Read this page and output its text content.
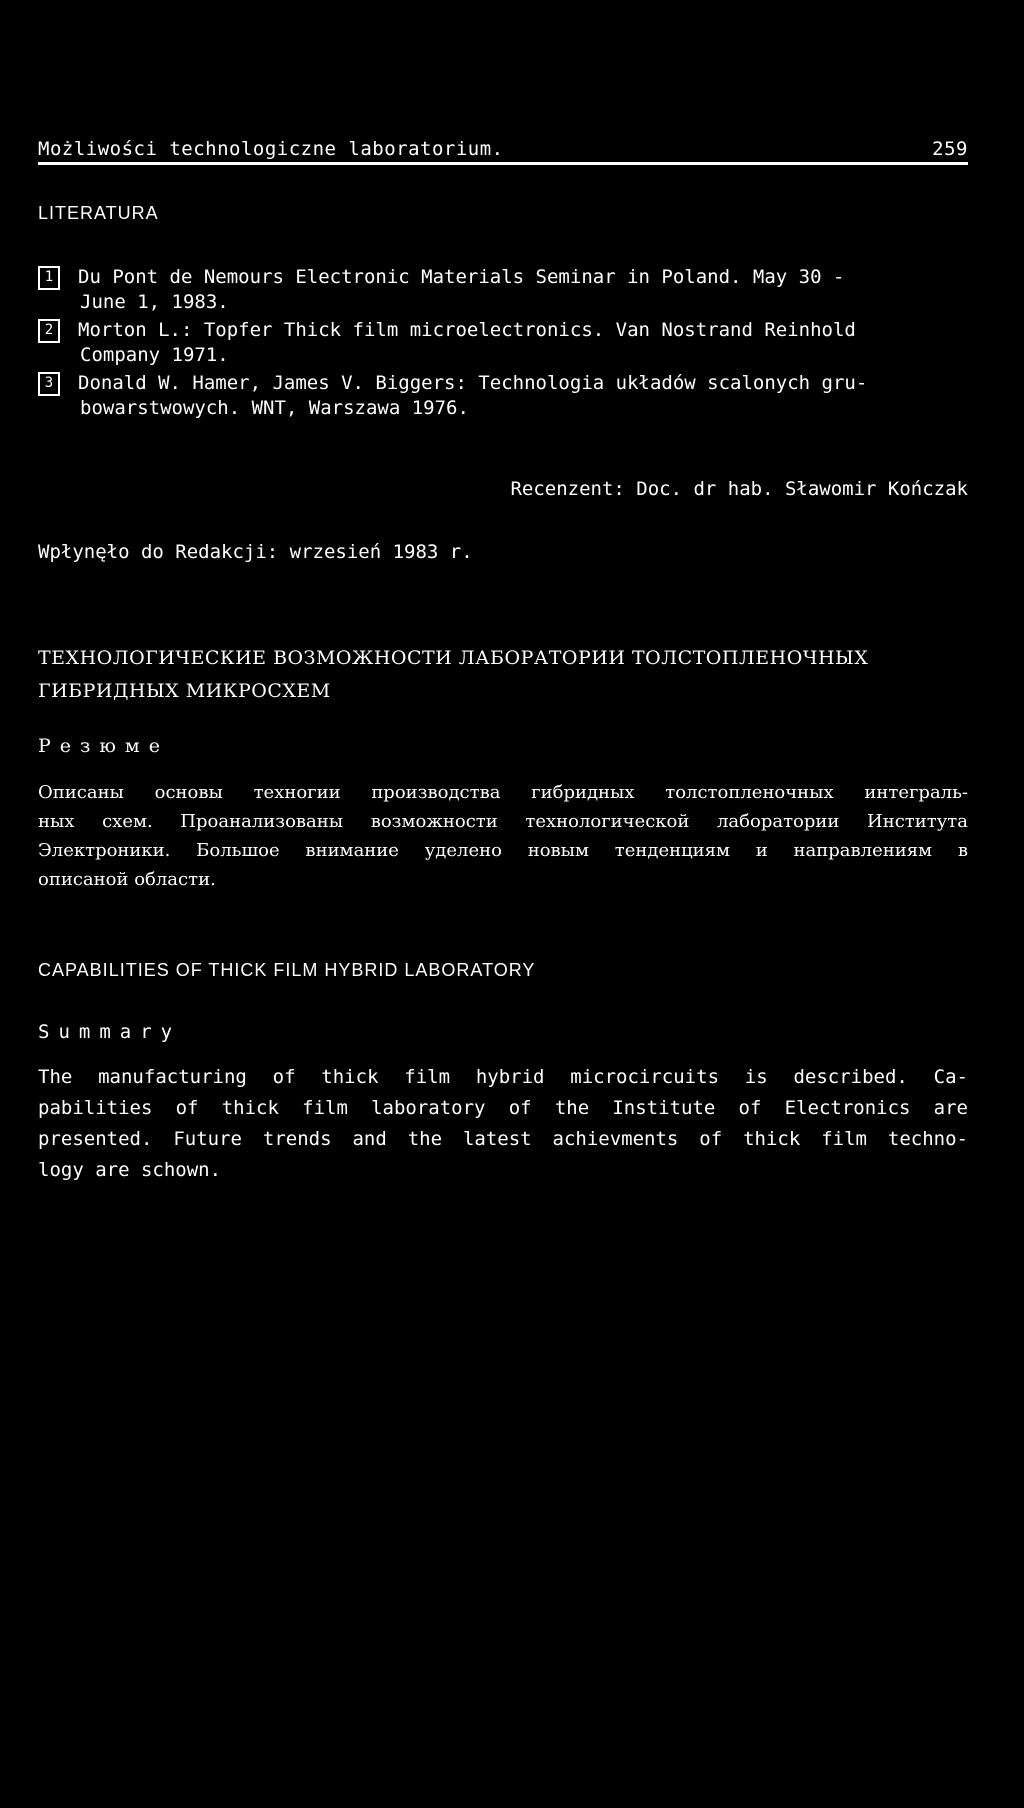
Możliwości technologiczne laboratorium.	259
LITERATURA
1 Du Pont de Nemours Electronic Materials Seminar in Poland. May 30 -
June 1, 1983.
2 Morton L.: Topfer Thick film microelectronics. Van Nostrand Reinhold
Company 1971.
3 Donald W. Hamer, James V. Biggers: Technologia układów scalonych gru-
bowarstwowych. WNT, Warszawa 1976.
Recenzent: Doc. dr hab. Sławomir Kończak
Wpłynęło do Redakcji: wrzesień 1983 r.
ТЕХНОЛОГИЧЕСКИЕ ВОЗМОЖНОСТИ ЛАБОРАТОРИИ ТОЛСТОПЛЕНОЧНЫХ
ГИБРИДНЫХ МИКРОСХЕМ
Резюме
Описаны основы техногии производства гибридных толстопленочных интеграль-
ных схем. Проанализованы возможности технологической лаборатории Института
Электроники. Большое внимание уделено новым тенденциям и направлениям в
описаной области.
CAPABILITIES OF THICK FILM HYBRID LABORATORY
Summary
The manufacturing of thick film hybrid microcircuits is described. Ca-
pabilities of thick film laboratory of the Institute of Electronics are
presented. Future trends and the latest achievments of thick film techno-
logy are schown.
